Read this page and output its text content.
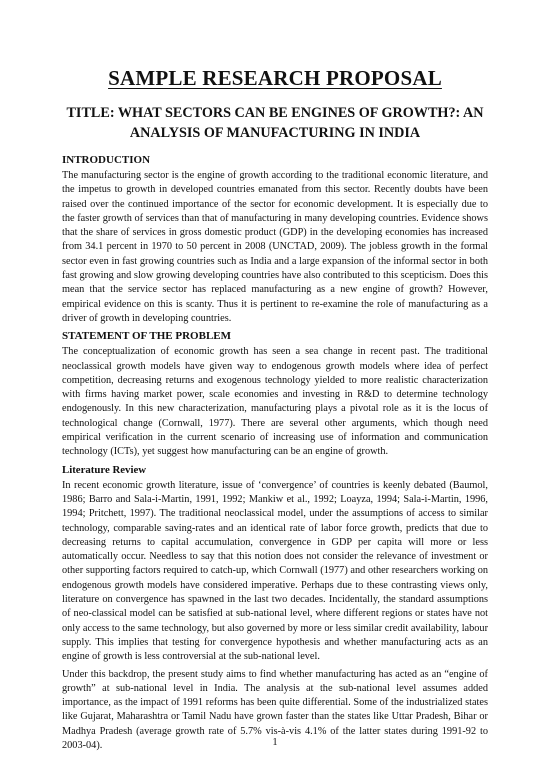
SAMPLE RESEARCH PROPOSAL
TITLE: WHAT SECTORS CAN BE ENGINES OF GROWTH?: AN ANALYSIS OF MANUFACTURING IN INDIA
INTRODUCTION

The manufacturing sector is the engine of growth according to the traditional economic literature, and the impetus to growth in developed countries emanated from this sector. Recently doubts have been raised over the continued importance of the sector for economic development. It is especially due to the faster growth of services than that of manufacturing in many developing countries. Evidence shows that the share of services in gross domestic product (GDP) in the developing economies has increased from 34.1 percent in 1970 to 50 percent in 2008 (UNCTAD, 2009). The jobless growth in the formal sector even in fast growing countries such as India and a large expansion of the informal sector in both fast growing and slow growing developing countries have also contributed to this scepticism. Does this mean that the service sector has replaced manufacturing as a new engine of growth? However, empirical evidence on this is scanty. Thus it is pertinent to re-examine the role of manufacturing as a driver of growth in developing countries.

STATEMENT OF THE PROBLEM

The conceptualization of economic growth has seen a sea change in recent past. The traditional neoclassical growth models have given way to endogenous growth models where idea of perfect competition, decreasing returns and exogenous technology yielded to more realistic characterization with firms having market power, scale economies and investing in R&D to determine technology endogenously. In this new characterization, manufacturing plays a pivotal role as it is the locus of technological change (Cornwall, 1977). There are several other arguments, which though need empirical verification in the current scenario of increasing use of information and communication technology (ICTs), yet suggest how manufacturing can be an engine of growth.

Literature Review

In recent economic growth literature, issue of ‘convergence’ of countries is keenly debated (Baumol, 1986; Barro and Sala-i-Martin, 1991, 1992; Mankiw et al., 1992; Loayza, 1994; Sala-i-Martin, 1996, 1994; Pritchett, 1997). The traditional neoclassical model, under the assumptions of access to similar technology, comparable saving-rates and an identical rate of labor force growth, predicts that due to decreasing returns to capital accumulation, convergence in GDP per capita will more or less automatically occur. Needless to say that this notion does not consider the relevance of investment or other supporting factors required to catch-up, which Cornwall (1977) and other researchers working on endogenous growth models have considered imperative. Perhaps due to these contrasting views only, literature on convergence has spawned in the last two decades. Incidentally, the standard assumptions of neo-classical model can be satisfied at sub-national level, where different regions or states have not only access to the same technology, but also governed by more or less similar credit availability, labour supply. This implies that testing for convergence hypothesis and whether manufacturing acts as an engine of growth is less controversial at the sub-national level.

Under this backdrop, the present study aims to find whether manufacturing has acted as an “engine of growth” at sub-national level in India. The analysis at the sub-national level assumes added importance, as the impact of 1991 reforms has been quite differential. Some of the industrialized states like Gujarat, Maharashtra or Tamil Nadu have grown faster than the states like Uttar Pradesh, Bihar or Madhya Pradesh (average growth rate of 5.7% vis-à-vis 4.1% of the latter states during 1991-92 to 2003-04).	1
